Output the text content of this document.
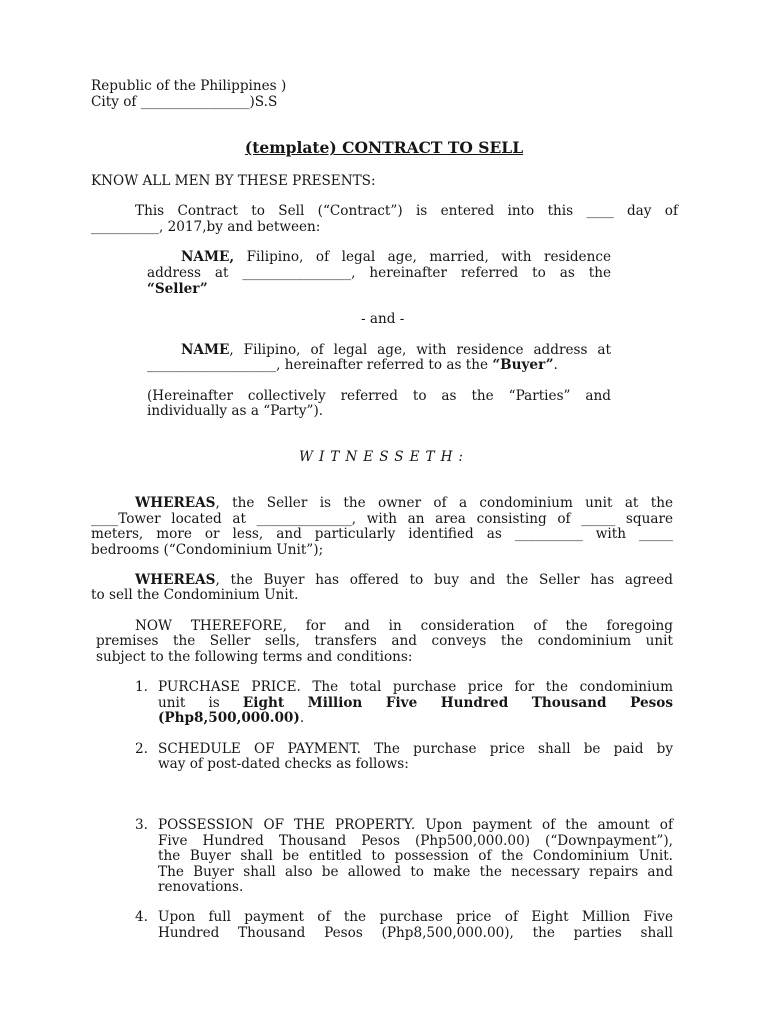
Republic of the Philippines )
City of ________________)S.S
(template) CONTRACT TO SELL
KNOW ALL MEN BY THESE PRESENTS:
This Contract to Sell (“Contract”) is entered into this ____ day of
__________, 2017,by and between:
NAME, Filipino, of legal age, married, with residence
address at ________________, hereinafter referred to as the
“Seller”
- and -
NAME, Filipino, of legal age, with residence address at
___________________, hereinafter referred to as the “Buyer”.
(Hereinafter collectively referred to as the “Parties” and
individually as a “Party”).
WITNESSETH:
WHEREAS, the Seller is the owner of a condominium unit at the
____Tower located at ______________, with an area consisting of _____ square
meters, more or less, and particularly identified as __________ with _____
bedrooms (“Condominium Unit”);
WHEREAS, the Buyer has offered to buy and the Seller has agreed
to sell the Condominium Unit.
NOW THEREFORE, for and in consideration of the foregoing
premises the Seller sells, transfers and conveys the condominium unit
subject to the following terms and conditions:
1. PURCHASE PRICE. The total purchase price for the condominium
unit is Eight Million Five Hundred Thousand Pesos
(Php8,500,000.00).
2. SCHEDULE OF PAYMENT. The purchase price shall be paid by
way of post-dated checks as follows:
3. POSSESSION OF THE PROPERTY. Upon payment of the amount of
Five Hundred Thousand Pesos (Php500,000.00) (“Downpayment”),
the Buyer shall be entitled to possession of the Condominium Unit.
The Buyer shall also be allowed to make the necessary repairs and
renovations.
4. Upon full payment of the purchase price of Eight Million Five
Hundred Thousand Pesos (Php8,500,000.00), the parties shall
